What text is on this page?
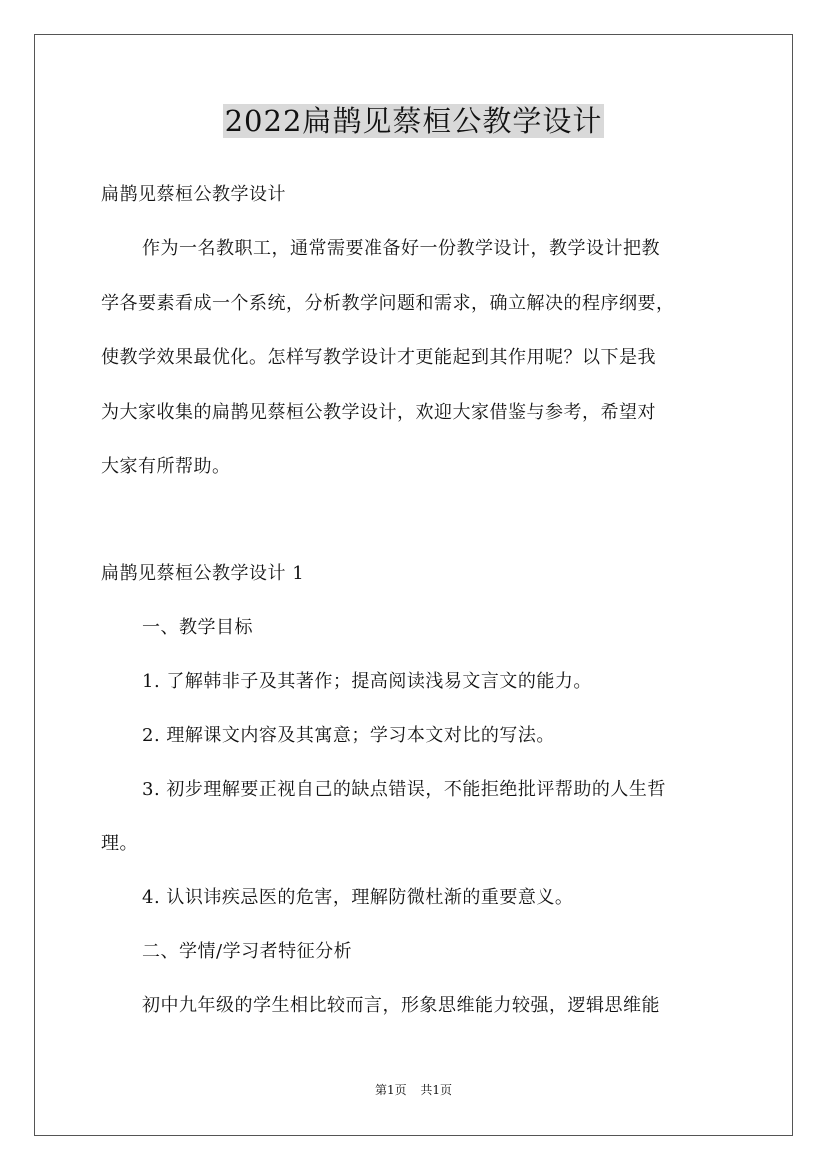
2022扁鹊见蔡桓公教学设计
扁鹊见蔡桓公教学设计
作为一名教职工，通常需要准备好一份教学设计，教学设计把教
学各要素看成一个系统，分析教学问题和需求，确立解决的程序纲要，
使教学效果最优化。怎样写教学设计才更能起到其作用呢？以下是我
为大家收集的扁鹊见蔡桓公教学设计，欢迎大家借鉴与参考，希望对
大家有所帮助。
扁鹊见蔡桓公教学设计 1
一、教学目标
1. 了解韩非子及其著作；提高阅读浅易文言文的能力。
2. 理解课文内容及其寓意；学习本文对比的写法。
3. 初步理解要正视自己的缺点错误，不能拒绝批评帮助的人生哲
理。
4. 认识讳疾忌医的危害，理解防微杜渐的重要意义。
二、学情/学习者特征分析
初中九年级的学生相比较而言，形象思维能力较强，逻辑思维能
第1页 共1页
